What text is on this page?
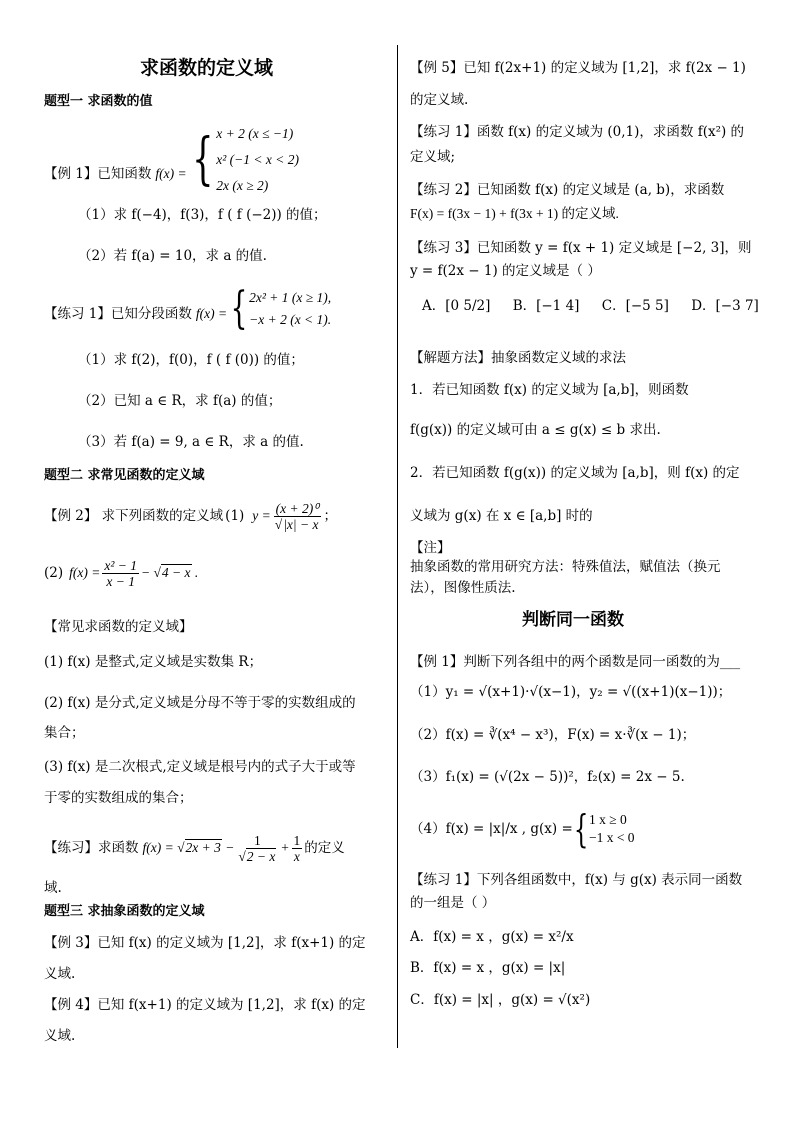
求函数的定义域
题型一 求函数的值
【例 1】已知函数 f(x) = { x + 2 (x ≤ −1)
x² (−1 < x < 2)
2x (x ≥ 2)
（1）求 f(−4)，f(3)，f ( f (−2)) 的值；
（2）若 f(a) = 10，求 a 的值.
【练习 1】已知分段函数 f(x) = { 2x² + 1 (x ≥ 1),
−x + 2 (x < 1).
（1）求 f(2)，f(0)，f ( f (0)) 的值；
（2）已知 a ∈ R，求 f(a) 的值；
（3）若 f(a) = 9, a ∈ R，求 a 的值.
题型二 求常见函数的定义域
【例 2】 求下列函数的定义域 (1) $y = \frac{\text{(x + 2)⁰}}{√|x| - x}$ ；
(2) $f(x) = \frac{\text{x² − 1}}{x - 1} - √4 - x$ .
【常见求函数的定义域】
(1) f(x) 是整式,定义域是实数集 R；
(2) f(x) 是分式,定义域是分母不等于零的实数组成的
集合；
(3) f(x) 是二次根式,定义域是根号内的式子大于或等
于零的实数组成的集合；
【练习】求函数 $f(x) = √2x + 3 - \frac{1}{√2 - x} + \frac{1}{x}$ 的定义
域.
题型三 求抽象函数的定义域
【例 3】已知 f(x) 的定义域为 [1,2]，求 f(x+1) 的定
义域.
【例 4】已知 f(x+1) 的定义域为 [1,2]，求 f(x) 的定
义域.
【例 5】已知 f(2x+1) 的定义域为 [1,2]，求 f(2x − 1)
的定义域.
【练习 1】函数 f(x) 的定义域为 (0,1)，求函数 f(x²) 的
定义域;
【练习 2】已知函数 f(x) 的定义域是 (a, b)，求函数
F(x) = f(3x − 1) + f(3x + 1) 的定义域.
【练习 3】已知函数 y = f(x + 1) 定义域是 [−2, 3]，则
y = f(2x − 1) 的定义域是（ ）
A．[0 5/2] B．[−1 4] C．[−5 5] D．[−3 7]
【解题方法】抽象函数定义域的求法
1．若已知函数 f(x) 的定义域为 [a,b]，则函数
f(g(x)) 的定义域可由 a ≤ g(x) ≤ b 求出.
2．若已知函数 f(g(x)) 的定义域为 [a,b]，则 f(x) 的定
义域为 g(x) 在 x ∈ [a,b] 时的
【注】
抽象函数的常用研究方法：特殊值法，赋值法（换元
法），图像性质法.
判断同一函数
【例 1】判断下列各组中的两个函数是同一函数的为___
（1）y₁ = √(x+1)·√(x−1)，y₂ = √((x+1)(x−1))；
（2）f(x) = ∛(x⁴ − x³)，F(x) = x·∛(x − 1)；
（3）f₁(x) = (√(2x − 5))²，f₂(x) = 2x − 5.
（4）f(x) = |x|/x , g(x) = { 1 x ≥ 0
−1 x < 0
【练习 1】下列各组函数中，f(x) 与 g(x) 表示同一函数
的一组是（ ）
A．f(x) = x ，g(x) = x²/x
B．f(x) = x ，g(x) = |x|
C．f(x) = |x| ，g(x) = √(x²)
